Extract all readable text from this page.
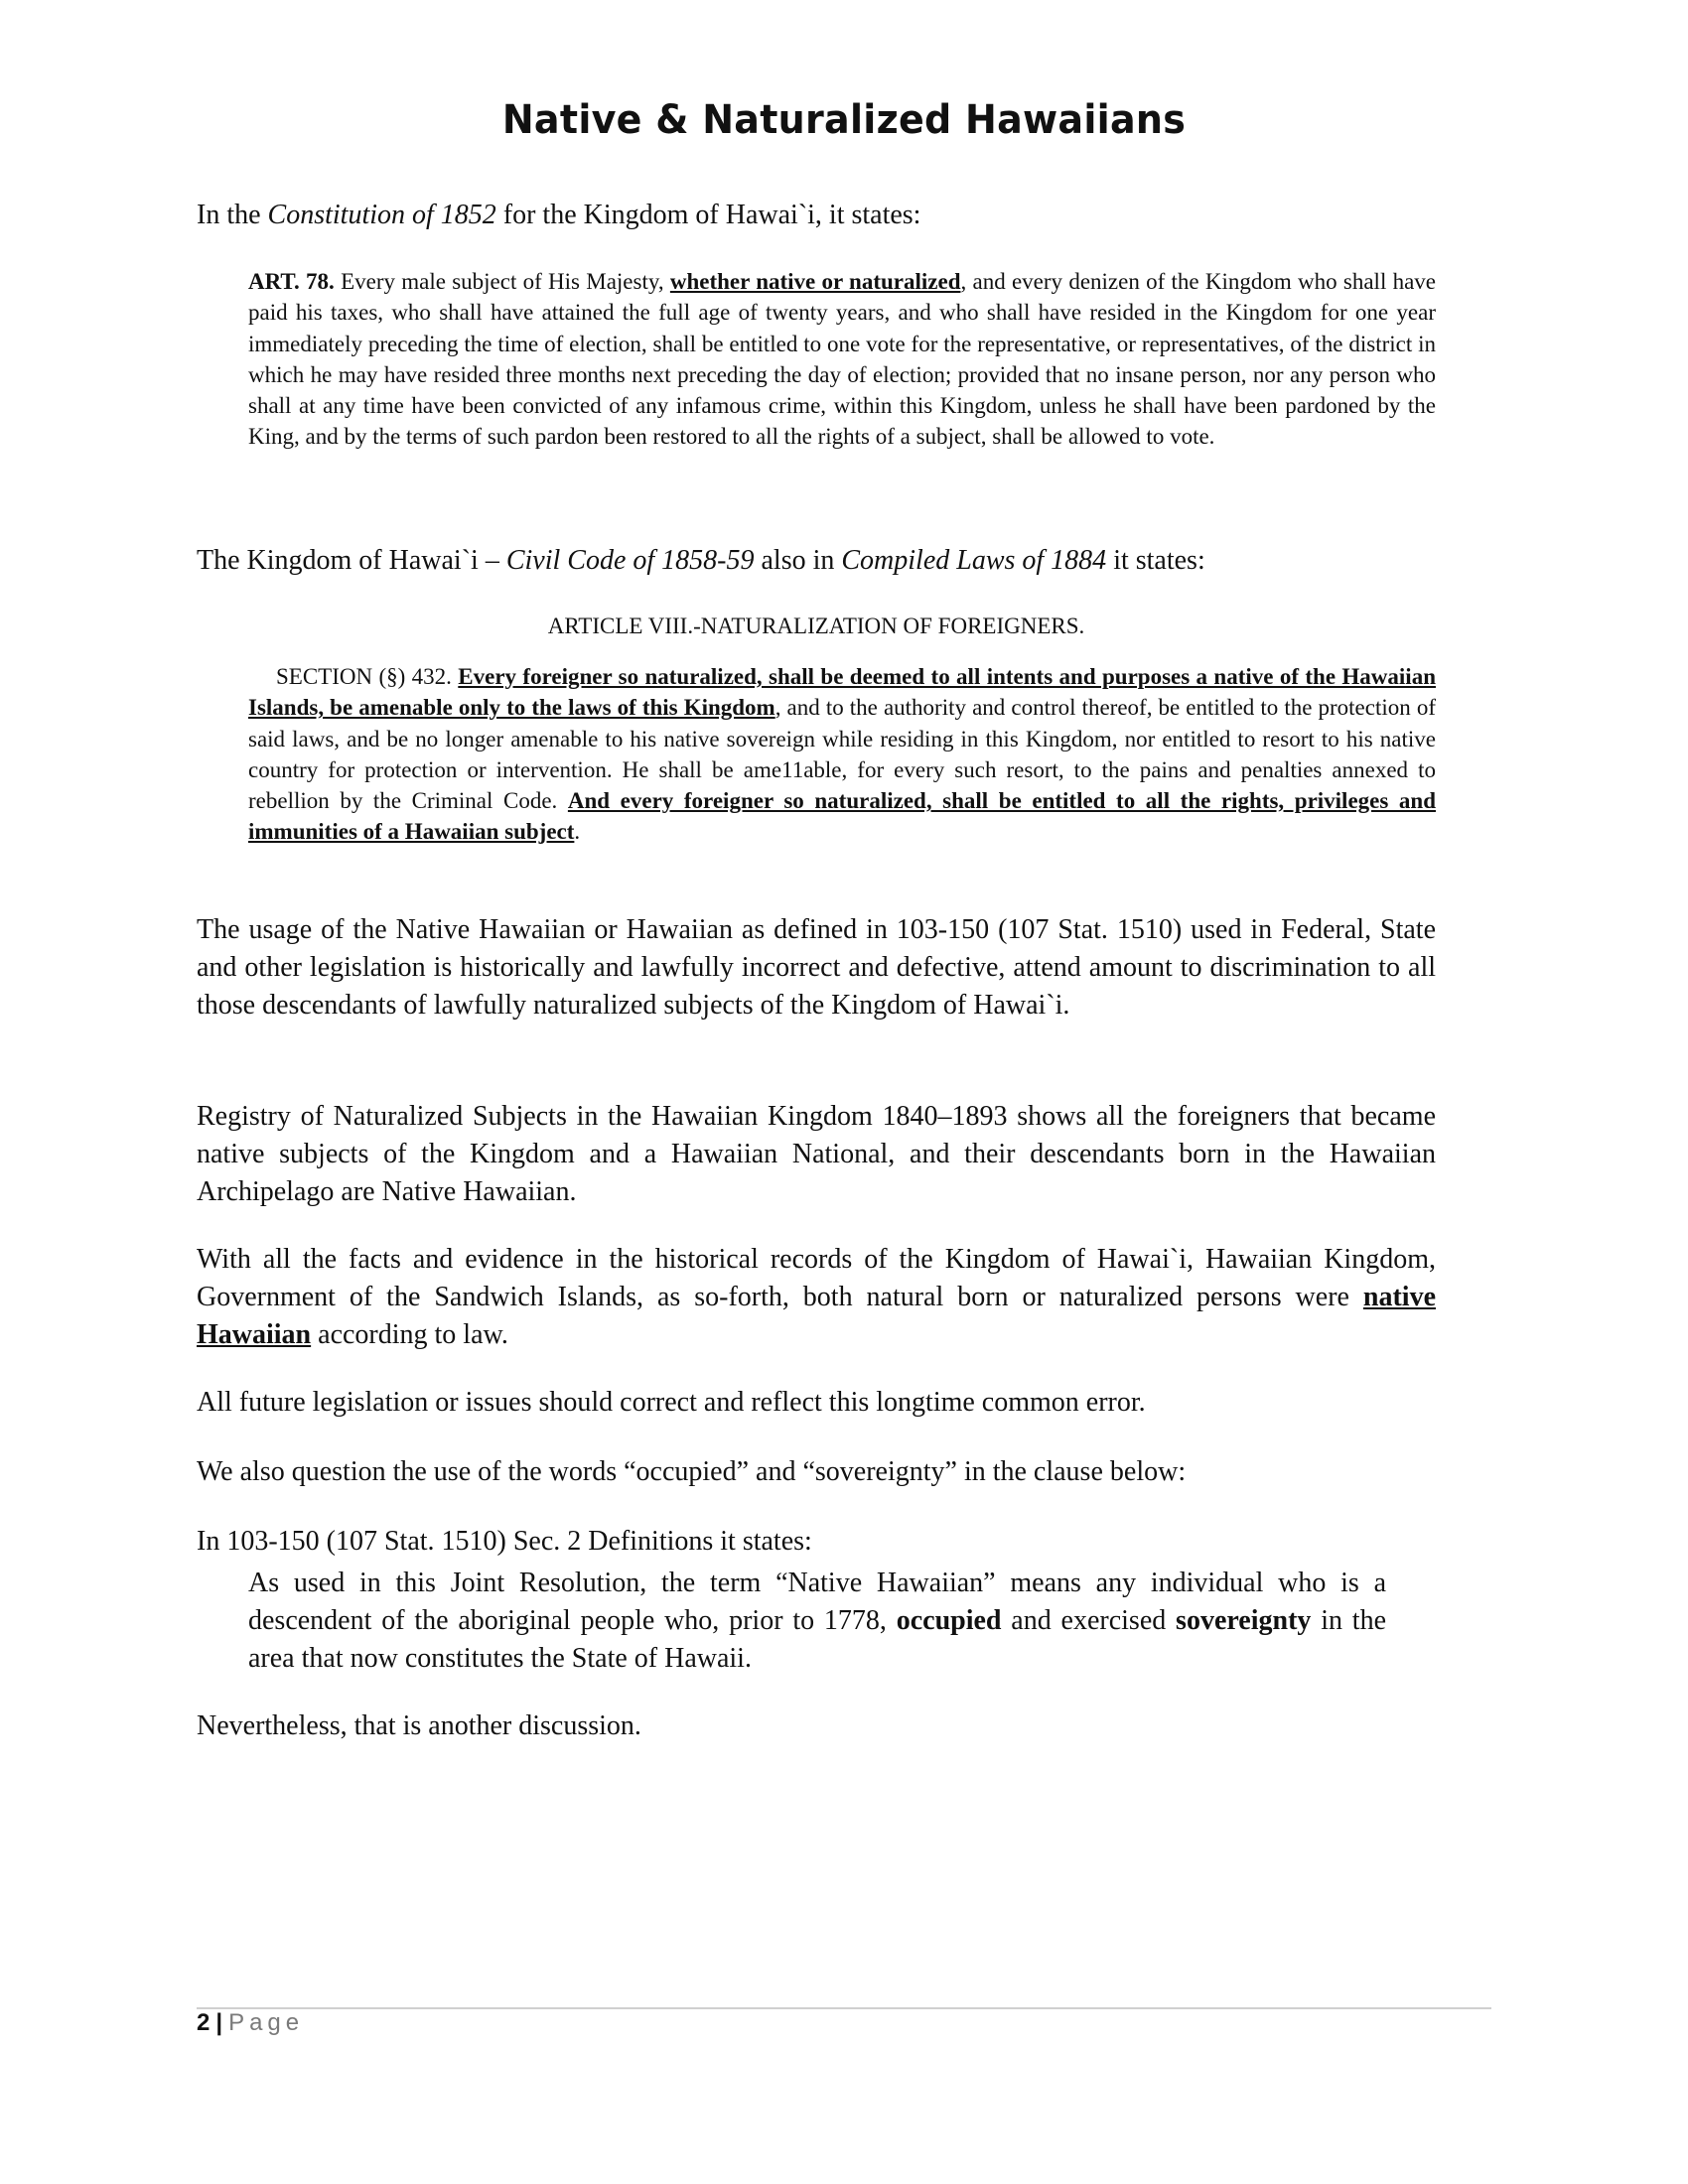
Native & Naturalized Hawaiians

In the Constitution of 1852 for the Kingdom of Hawai`i, it states:

ART. 78. Every male subject of His Majesty, whether native or naturalized, and every denizen of the Kingdom who shall have paid his taxes, who shall have attained the full age of twenty years, and who shall have resided in the Kingdom for one year immediately preceding the time of election, shall be entitled to one vote for the representative, or representatives, of the district in which he may have resided three months next preceding the day of election; provided that no insane person, nor any person who shall at any time have been convicted of any infamous crime, within this Kingdom, unless he shall have been pardoned by the King, and by the terms of such pardon been restored to all the rights of a subject, shall be allowed to vote.

The Kingdom of Hawai`i – Civil Code of 1858-59 also in Compiled Laws of 1884 it states:

ARTICLE VIII.-NATURALIZATION OF FOREIGNERS.

SECTION (§) 432. Every foreigner so naturalized, shall be deemed to all intents and purposes a native of the Hawaiian Islands, be amenable only to the laws of this Kingdom, and to the authority and control thereof, be entitled to the protection of said laws, and be no longer amenable to his native sovereign while residing in this Kingdom, nor entitled to resort to his native country for protection or intervention. He shall be ame11able, for every such resort, to the pains and penalties annexed to rebellion by the Criminal Code. And every foreigner so naturalized, shall be entitled to all the rights, privileges and immunities of a Hawaiian subject.

The usage of the Native Hawaiian or Hawaiian as defined in 103-150 (107 Stat. 1510) used in Federal, State and other legislation is historically and lawfully incorrect and defective, attend amount to discrimination to all those descendants of lawfully naturalized subjects of the Kingdom of Hawai`i.

Registry of Naturalized Subjects in the Hawaiian Kingdom 1840–1893 shows all the foreigners that became native subjects of the Kingdom and a Hawaiian National, and their descendants born in the Hawaiian Archipelago are Native Hawaiian.

With all the facts and evidence in the historical records of the Kingdom of Hawai`i, Hawaiian Kingdom, Government of the Sandwich Islands, as so-forth, both natural born or naturalized persons were native Hawaiian according to law.

All future legislation or issues should correct and reflect this longtime common error.

We also question the use of the words “occupied” and “sovereignty” in the clause below:

In 103-150 (107 Stat. 1510) Sec. 2 Definitions it states:

As used in this Joint Resolution, the term “Native Hawaiian” means any individual who is a descendent of the aboriginal people who, prior to 1778, occupied and exercised sovereignty in the area that now constitutes the State of Hawaii.

Nevertheless, that is another discussion.

2 | Page
